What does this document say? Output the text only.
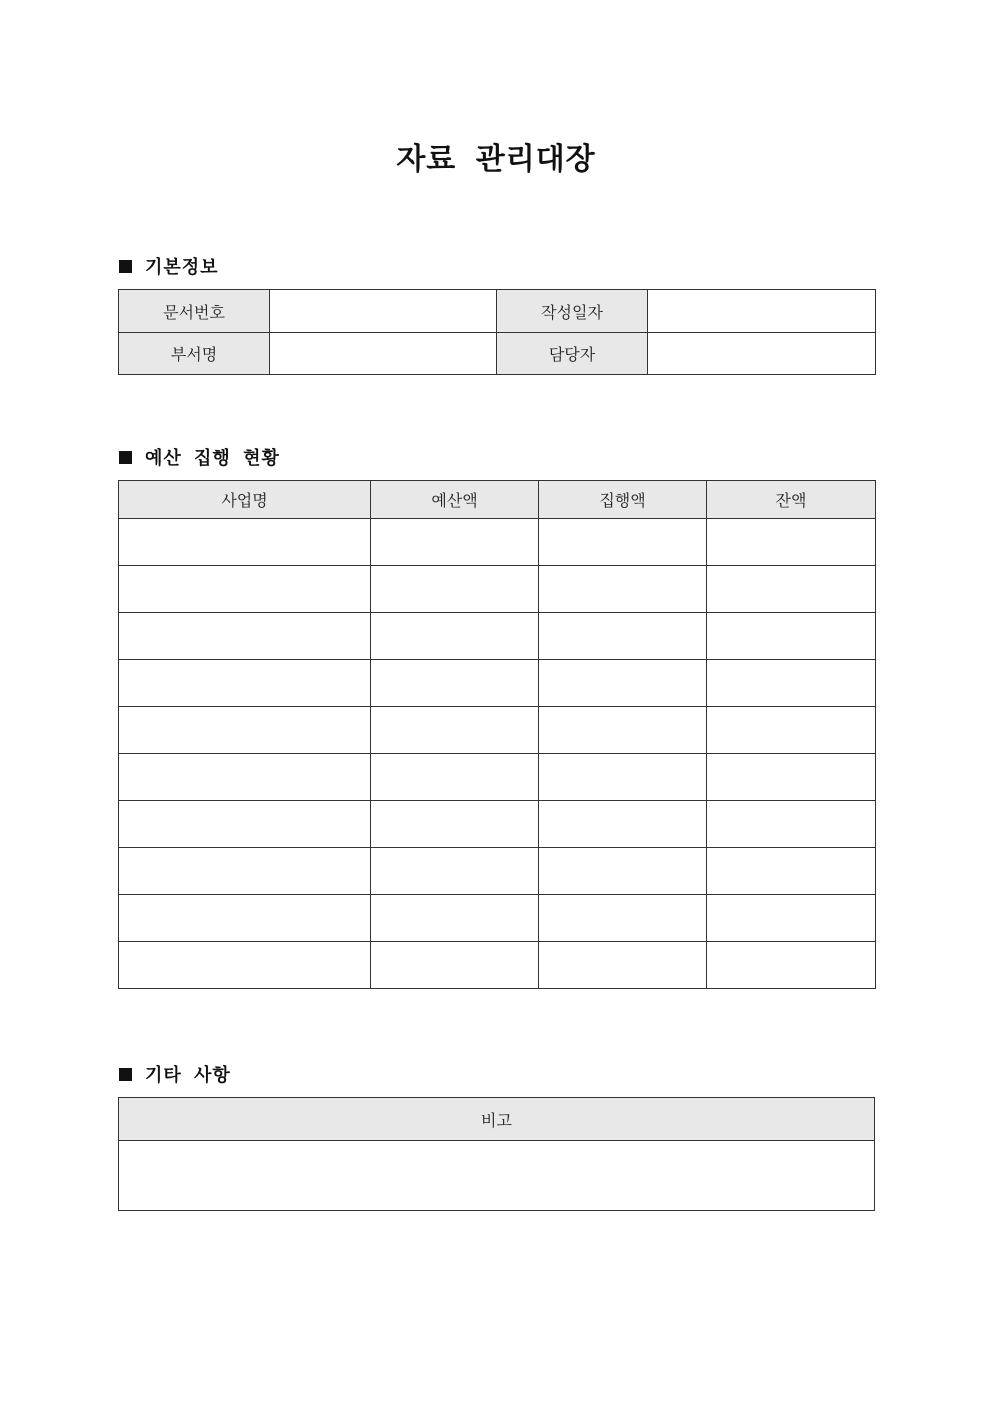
자료 관리대장
기본정보
문서번호		작성일자	
부서명		담당자	
예산 집행 현황
사업명	예산액	집행액	잔액

기타 사항
비고
